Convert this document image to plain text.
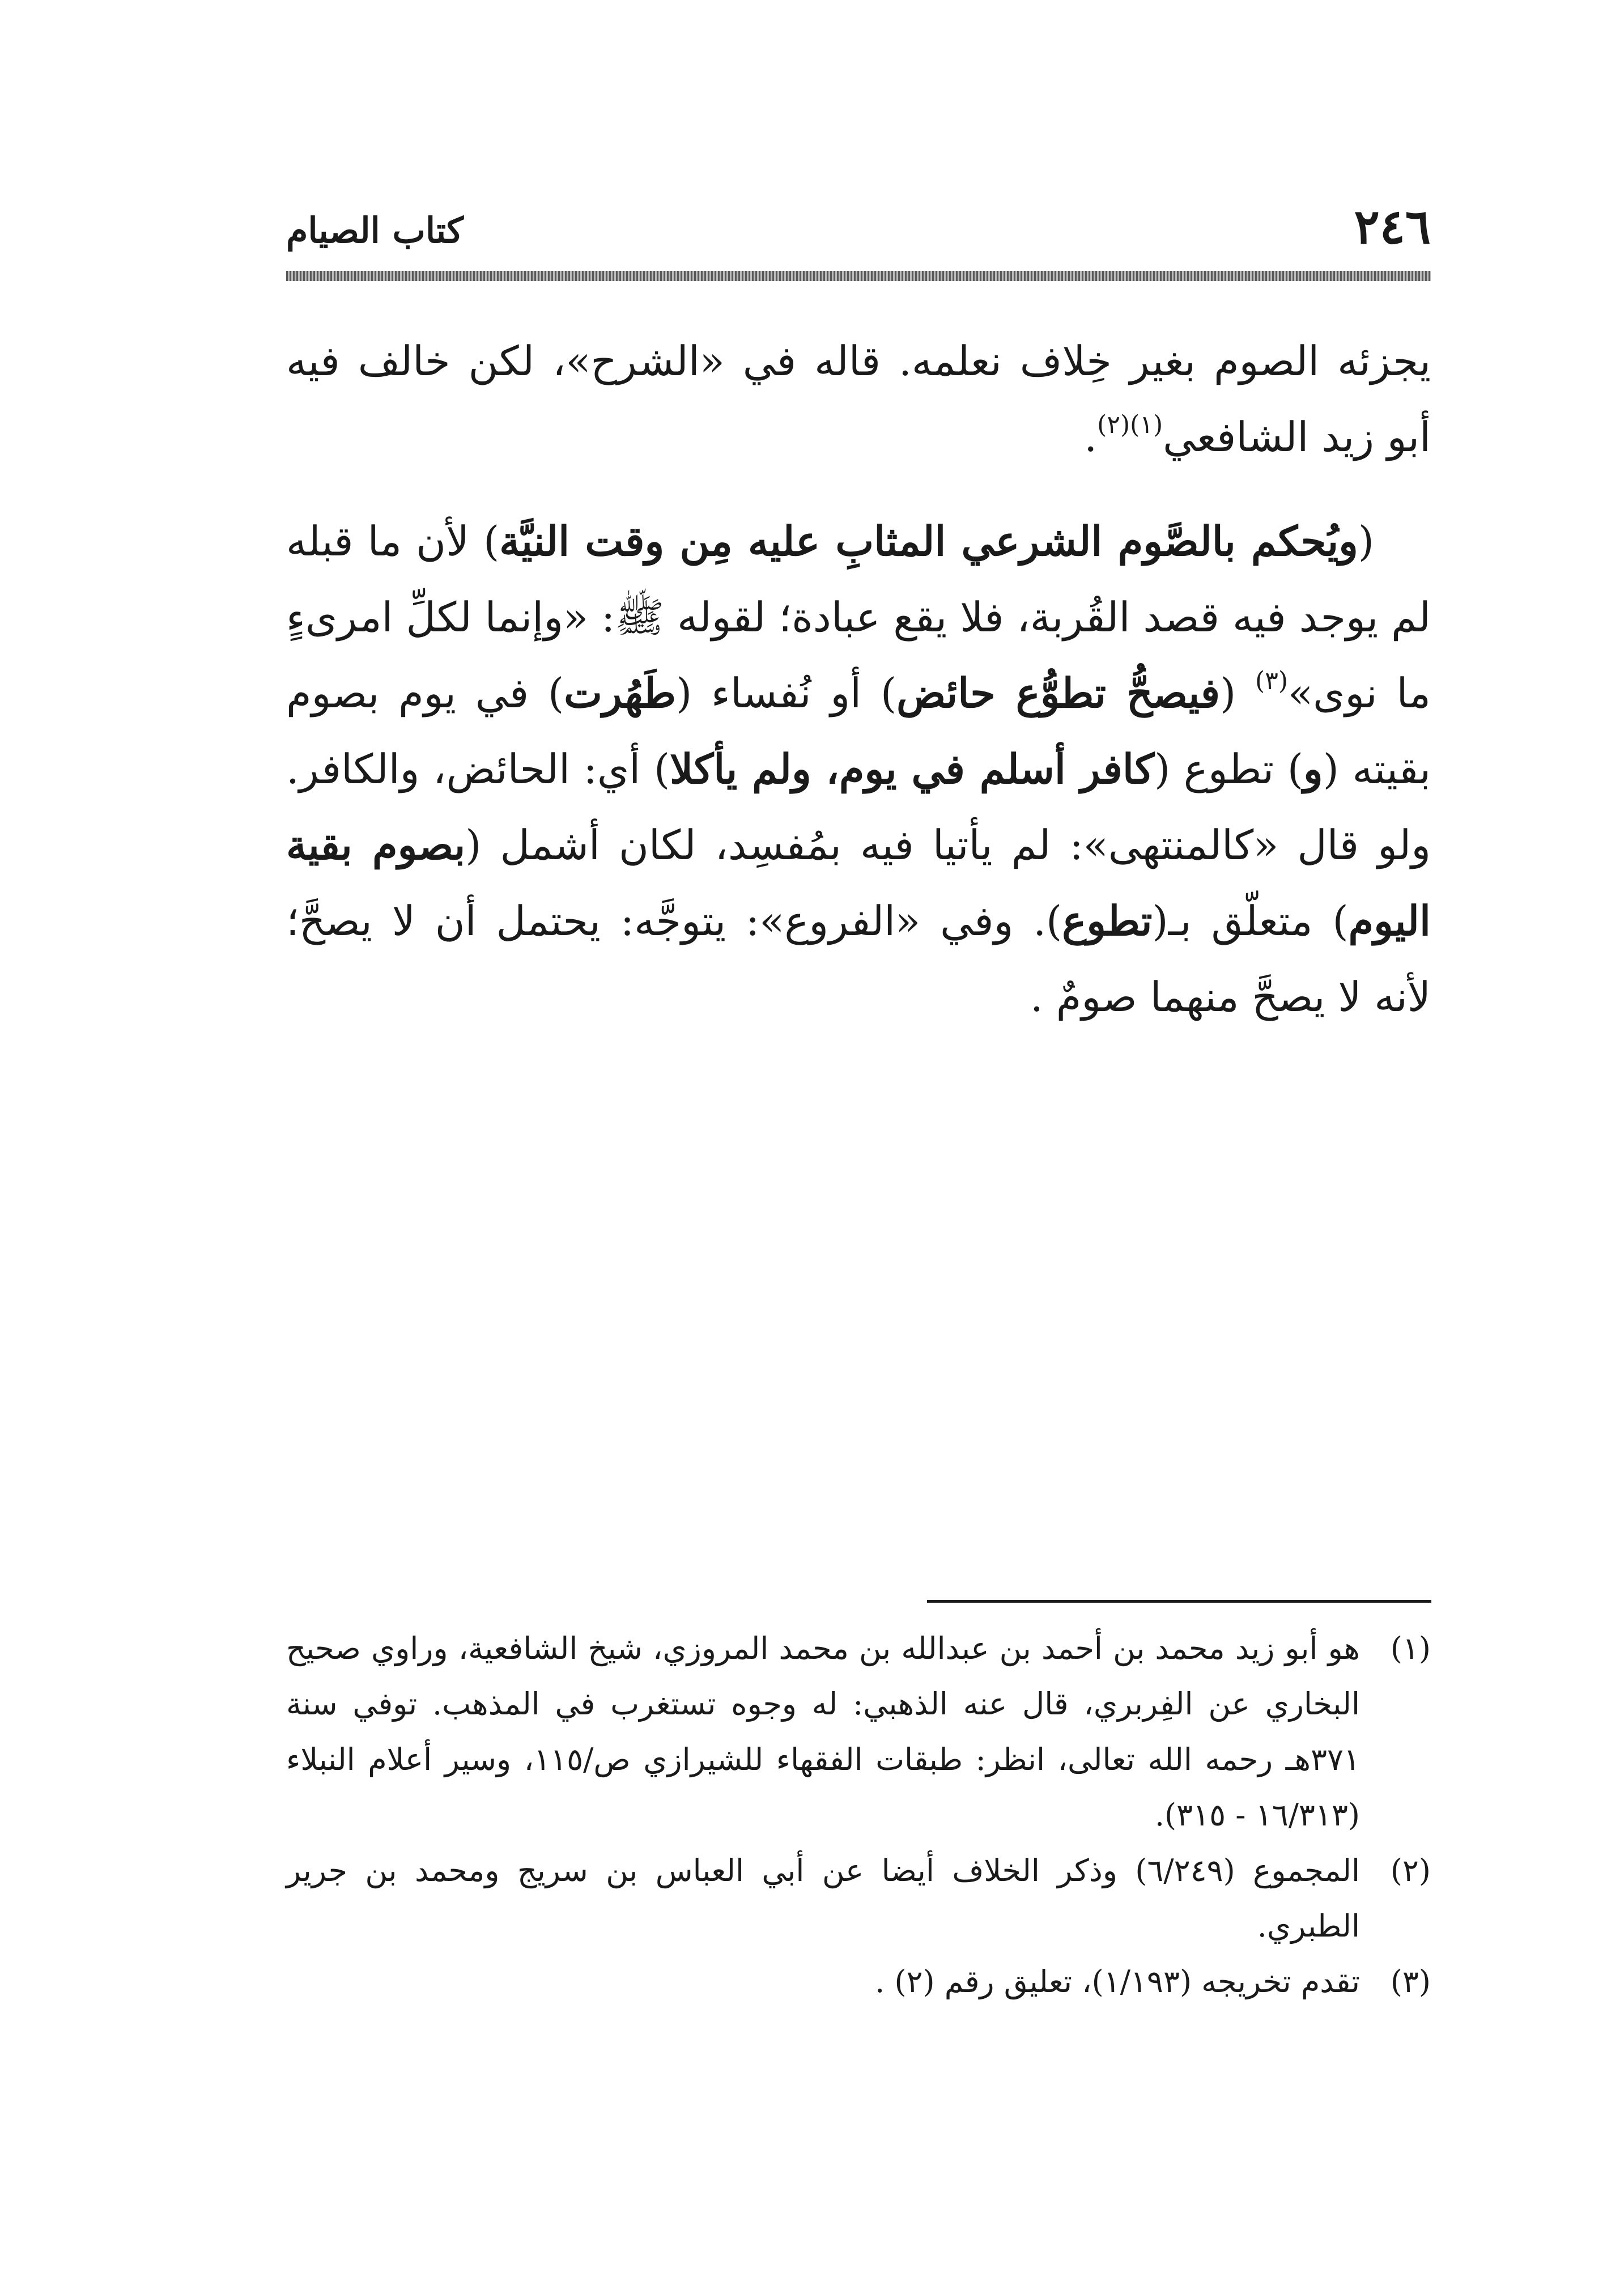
٢٤٦
كتاب الصيام

يجزئه الصوم بغير خِلاف نعلمه. قاله في «الشرح»، لكن خالف فيه أبو زيد الشافعي$^{(١)(٢)}$.

(ويُحكم بالصَّوم الشرعي المثابِ عليه مِن وقت النيَّة) لأن ما قبله لم يوجد فيه قصد القُربة، فلا يقع عبادة؛ لقوله ﷺ: «وإنما لكلِّ امرىءٍ ما نوى»$^{(٣)}$ (فيصحُّ تطوُّع حائض) أو نُفساء (طَهُرت) في يوم بصوم بقيته (و) تطوع (كافر أسلم في يوم، ولم يأكلا) أي: الحائض، والكافر. ولو قال «كالمنتهى»: لم يأتيا فيه بمُفسِد، لكان أشمل (بصوم بقية اليوم) متعلّق بـ(تطوع). وفي «الفروع»: يتوجَّه: يحتمل أن لا يصحَّ؛ لأنه لا يصحَّ منهما صومٌ .

(١)
هو أبو زيد محمد بن أحمد بن عبدالله بن محمد المروزي، شيخ الشافعية، وراوي صحيح البخاري عن الفِربري، قال عنه الذهبي: له وجوه تستغرب في المذهب. توفي سنة ٣٧١هـ رحمه الله تعالى، انظر: طبقات الفقهاء للشيرازي ص/١١٥، وسير أعلام النبلاء (١٦/٣١٣ - ٣١٥).
(٢)
المجموع (٦/٢٤٩) وذكر الخلاف أيضا عن أبي العباس بن سريج ومحمد بن جرير الطبري.
(٣)
تقدم تخريجه (١/١٩٣)، تعليق رقم (٢) .
